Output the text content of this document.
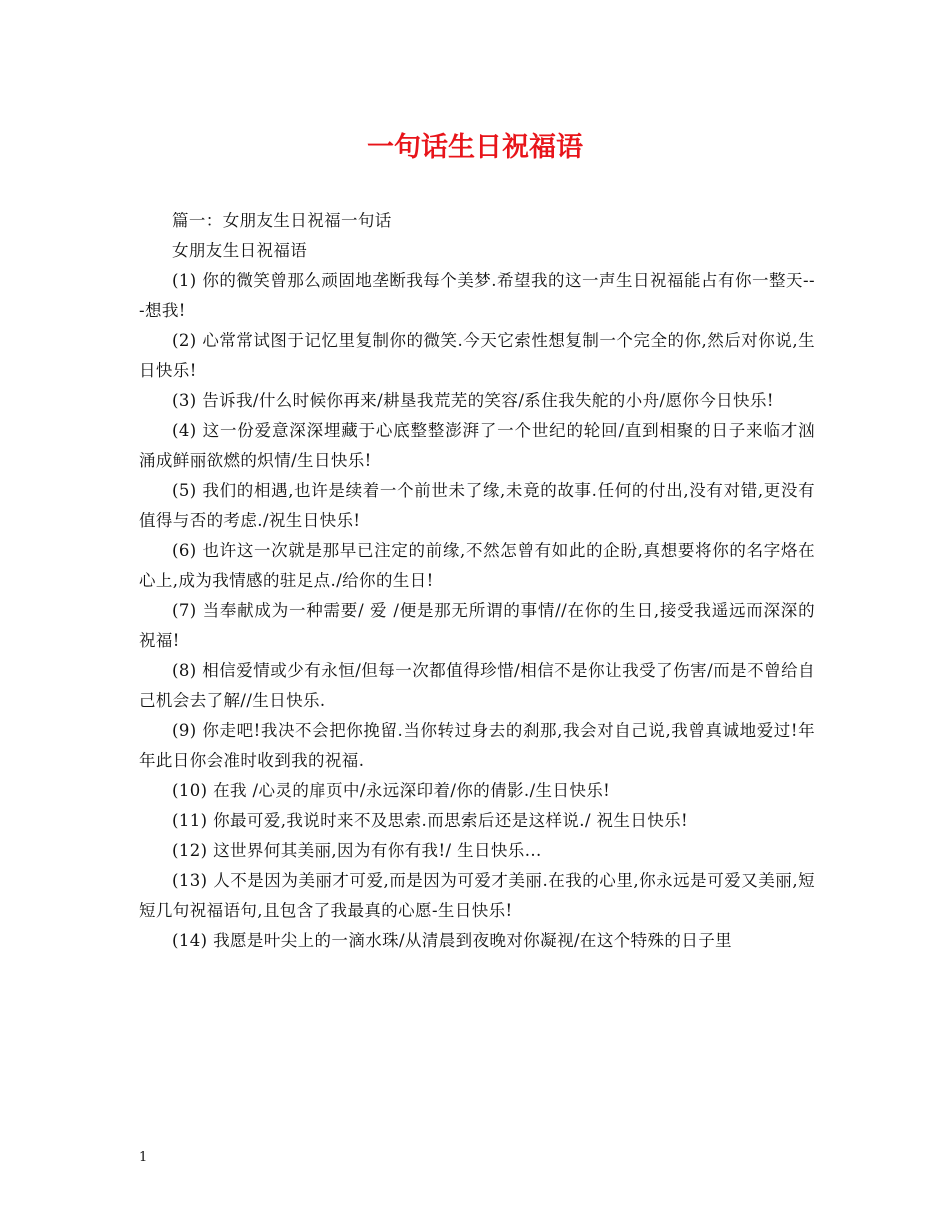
一句话生日祝福语

篇一：女朋友生日祝福一句话

女朋友生日祝福语

(1) 你的微笑曾那么顽固地垄断我每个美梦.希望我的这一声生日祝福能占有你一整天---想我!

(2) 心常常试图于记忆里复制你的微笑.今天它索性想复制一个完全的你,然后对你说,生日快乐!

(3) 告诉我/什么时候你再来/耕垦我荒芜的笑容/系住我失舵的小舟/愿你今日快乐!

(4) 这一份爱意深深埋藏于心底整整澎湃了一个世纪的轮回/直到相聚的日子来临才汹涌成鲜丽欲燃的炽情/生日快乐!

(5) 我们的相遇,也许是续着一个前世未了缘,未竟的故事.任何的付出,没有对错,更没有值得与否的考虑./祝生日快乐!

(6) 也许这一次就是那早已注定的前缘,不然怎曾有如此的企盼,真想要将你的名字烙在心上,成为我情感的驻足点./给你的生日!

(7) 当奉献成为一种需要/ 爱 /便是那无所谓的事情//在你的生日,接受我遥远而深深的祝福!

(8) 相信爱情或少有永恒/但每一次都值得珍惜/相信不是你让我受了伤害/而是不曾给自己机会去了解//生日快乐.

(9) 你走吧!我决不会把你挽留.当你转过身去的刹那,我会对自己说,我曾真诚地爱过!年年此日你会准时收到我的祝福.

(10) 在我 /心灵的扉页中/永远深印着/你的倩影./生日快乐!

(11) 你最可爱,我说时来不及思索.而思索后还是这样说./ 祝生日快乐!

(12) 这世界何其美丽,因为有你有我!/ 生日快乐...

(13) 人不是因为美丽才可爱,而是因为可爱才美丽.在我的心里,你永远是可爱又美丽,短短几句祝福语句,且包含了我最真的心愿-生日快乐!

(14) 我愿是叶尖上的一滴水珠/从清晨到夜晚对你凝视/在这个特殊的日子里

1
